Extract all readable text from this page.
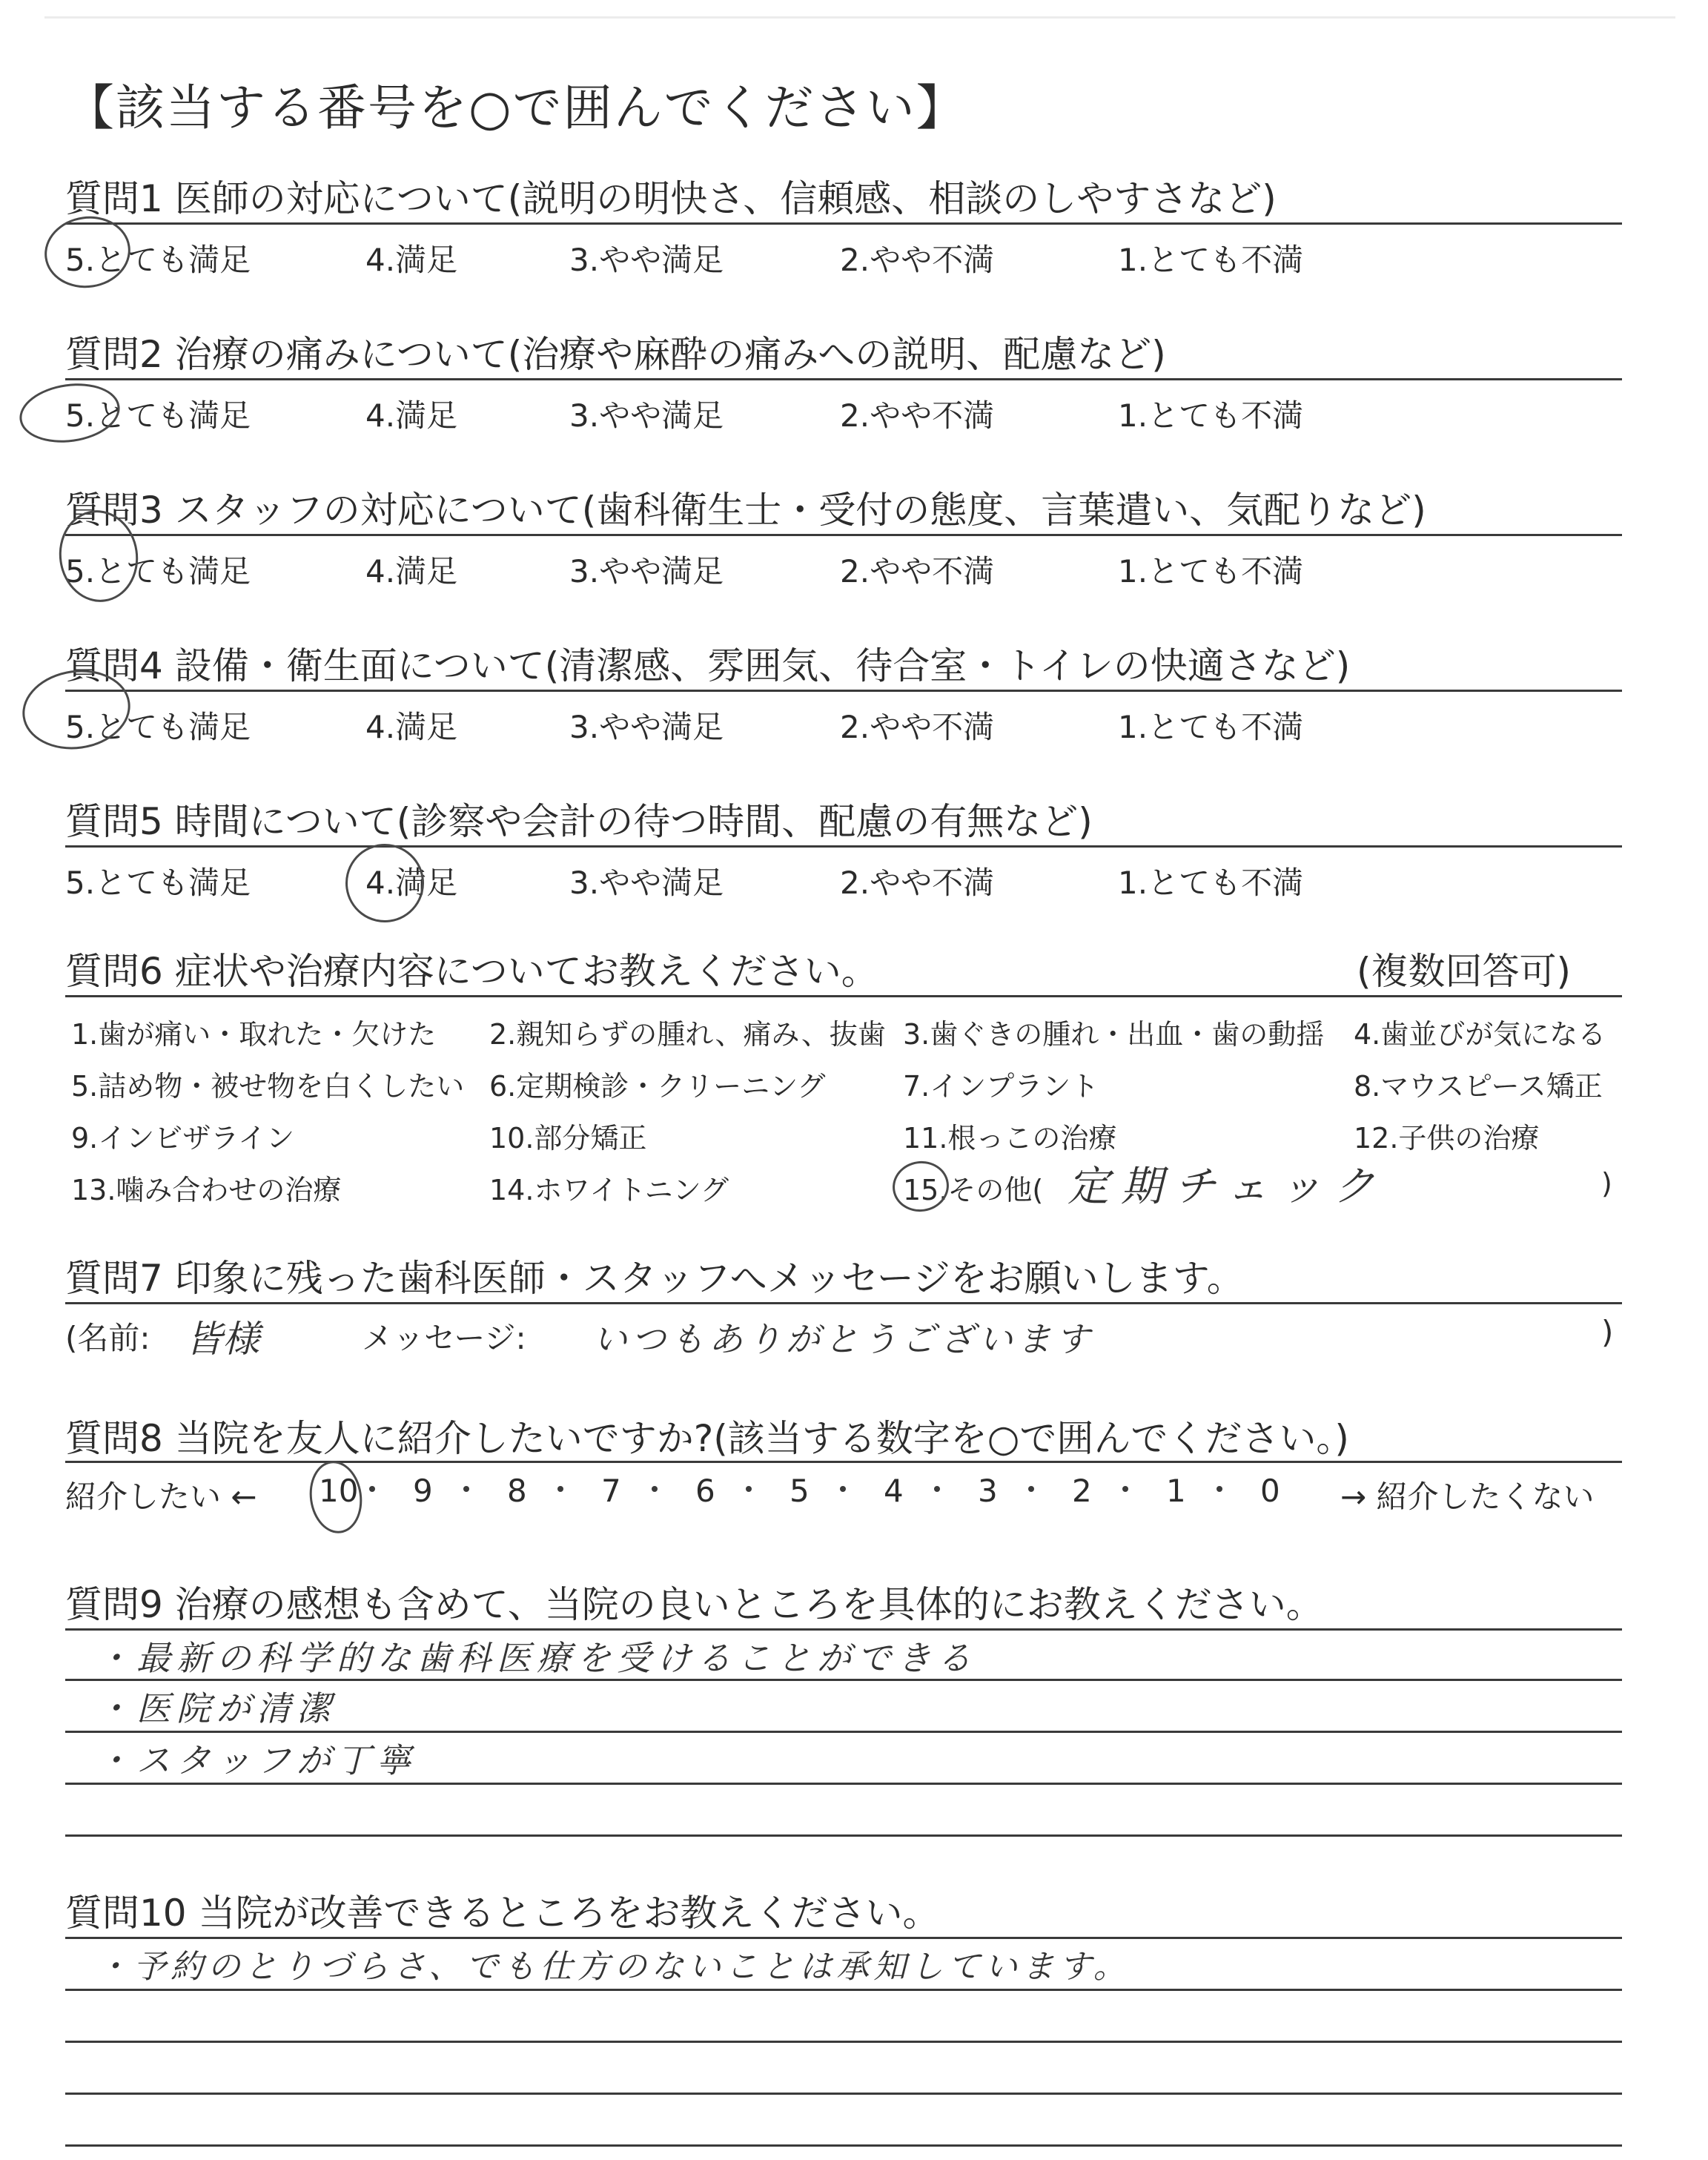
【該当する番号を○で囲んでください】
質問1 医師の対応について(説明の明快さ、信頼感、相談のしやすさなど)
5.とても満足	4.満足	3.やや満足	2.やや不満	1.とても不満
質問2 治療の痛みについて(治療や麻酔の痛みへの説明、配慮など)
5.とても満足	4.満足	3.やや満足	2.やや不満	1.とても不満
質問3 スタッフの対応について(歯科衛生士・受付の態度、言葉遣い、気配りなど)
5.とても満足	4.満足	3.やや満足	2.やや不満	1.とても不満
質問4 設備・衛生面について(清潔感、雰囲気、待合室・トイレの快適さなど)
5.とても満足	4.満足	3.やや満足	2.やや不満	1.とても不満
質問5 時間について(診察や会計の待つ時間、配慮の有無など)
5.とても満足	4.満足	3.やや満足	2.やや不満	1.とても不満
質問6 症状や治療内容についてお教えください。	(複数回答可)
1.歯が痛い・取れた・欠けた 2.親知らずの腫れ、痛み、抜歯 3.歯ぐきの腫れ・出血・歯の動揺 4.歯並びが気になる
5.詰め物・被せ物を白くしたい 6.定期検診・クリーニング	7.インプラント	8.マウスピース矯正
9.インビザライン	10.部分矯正	11.根っこの治療	12.子供の治療
13.噛み合わせの治療	14.ホワイトニング	15.その他( 定期チェック	)
質問7 印象に残った歯科医師・スタッフへメッセージをお願いします。
(名前: 皆様	メッセージ: いつもありがとうございます	)
質問8 当院を友人に紹介したいですか?(該当する数字を○で囲んでください。)
紹介したい ←	→ 紹介したくない
10 9 8 7 6 5 4 3 2 1 0
質問9 治療の感想も含めて、当院の良いところを具体的にお教えください。
・最新の科学的な歯科医療を受けることができる
・医院が清潔
・スタッフが丁寧
質問10 当院が改善できるところをお教えください。
・予約のとりづらさ、でも仕方のないことは承知しています。
